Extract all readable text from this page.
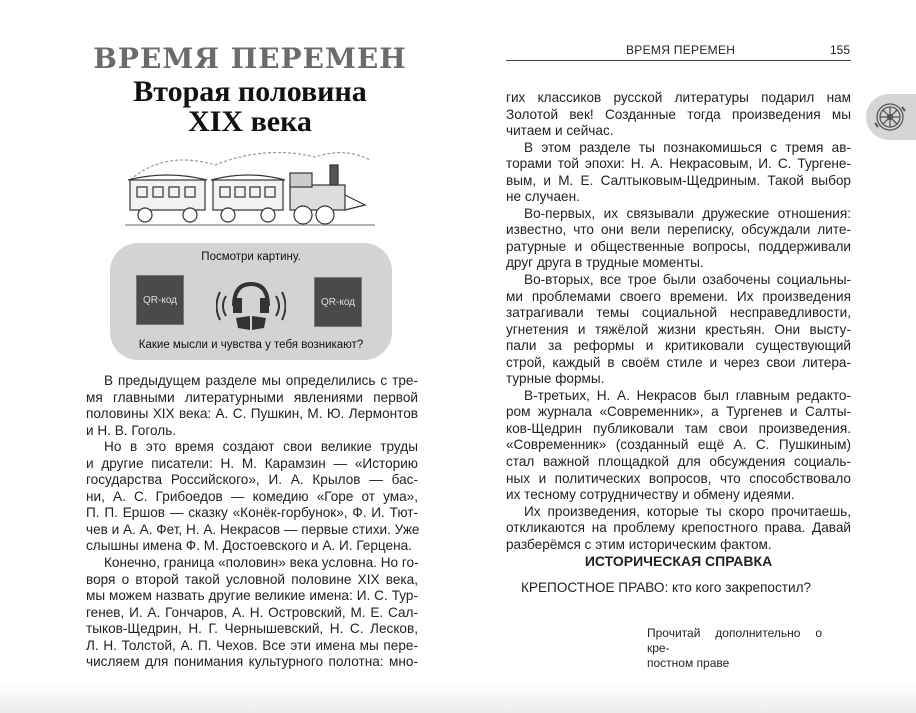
ВРЕМЯ ПЕРЕМЕН
Вторая половина
XIX века
Посмотри картину.
QR-код	QR-код
Какие мысли и чувства у тебя возникают?
В предыдущем разделе мы определились с тре-
мя главными литературными явлениями первой
половины XIX века: А. С. Пушкин, М. Ю. Лермонтов
и Н. В. Гоголь.
Но в это время создают свои великие труды
и другие писатели: Н. М. Карамзин — «Историю
государства Российского», И. А. Крылов — бас-
ни, А. С. Грибоедов — комедию «Горе от ума»,
П. П. Ершов — сказку «Конёк-горбунок», Ф. И. Тют-
чев и А. А. Фет, Н. А. Некрасов — первые стихи. Уже
слышны имена Ф. М. Достоевского и А. И. Герцена.
Конечно, граница «половин» века условна. Но го-
воря о второй такой условной половине XIX века,
мы можем назвать другие великие имена: И. С. Тур-
генев, И. А. Гончаров, А. Н. Островский, М. Е. Сал-
тыков-Щедрин, Н. Г. Чернышевский, Н. С. Лесков,
Л. Н. Толстой, А. П. Чехов. Все эти имена мы пере-
числяем для понимания культурного полотна: мно-
ВРЕМЯ ПЕРЕМЕН	155
гих классиков русской литературы подарил нам
Золотой век! Созданные тогда произведения мы
читаем и сейчас.
В этом разделе ты познакомишься с тремя ав-
торами той эпохи: Н. А. Некрасовым, И. С. Тургене-
вым, и М. Е. Салтыковым-Щедриным. Такой выбор
не случаен.
Во-первых, их связывали дружеские отношения:
известно, что они вели переписку, обсуждали лите-
ратурные и общественные вопросы, поддерживали
друг друга в трудные моменты.
Во-вторых, все трое были озабочены социальны-
ми проблемами своего времени. Их произведения
затрагивали темы социальной несправедливости,
угнетения и тяжёлой жизни крестьян. Они высту-
пали за реформы и критиковали существующий
строй, каждый в своём стиле и через свои литера-
турные формы.
В-третьих, Н. А. Некрасов был главным редакто-
ром журнала «Современник», а Тургенев и Салты-
ков-Щедрин публиковали там свои произведения.
«Современник» (созданный ещё А. С. Пушкиным)
стал важной площадкой для обсуждения социаль-
ных и политических вопросов, что способствовало
их тесному сотрудничеству и обмену идеями.
Их произведения, которые ты скоро прочитаешь,
откликаются на проблему крепостного права. Давай
разберёмся с этим историческим фактом.
ИСТОРИЧЕСКАЯ СПРАВКА
КРЕПОСТНОЕ ПРАВО: кто кого закрепостил?
Прочитай дополнительно о кре-
постном праве
